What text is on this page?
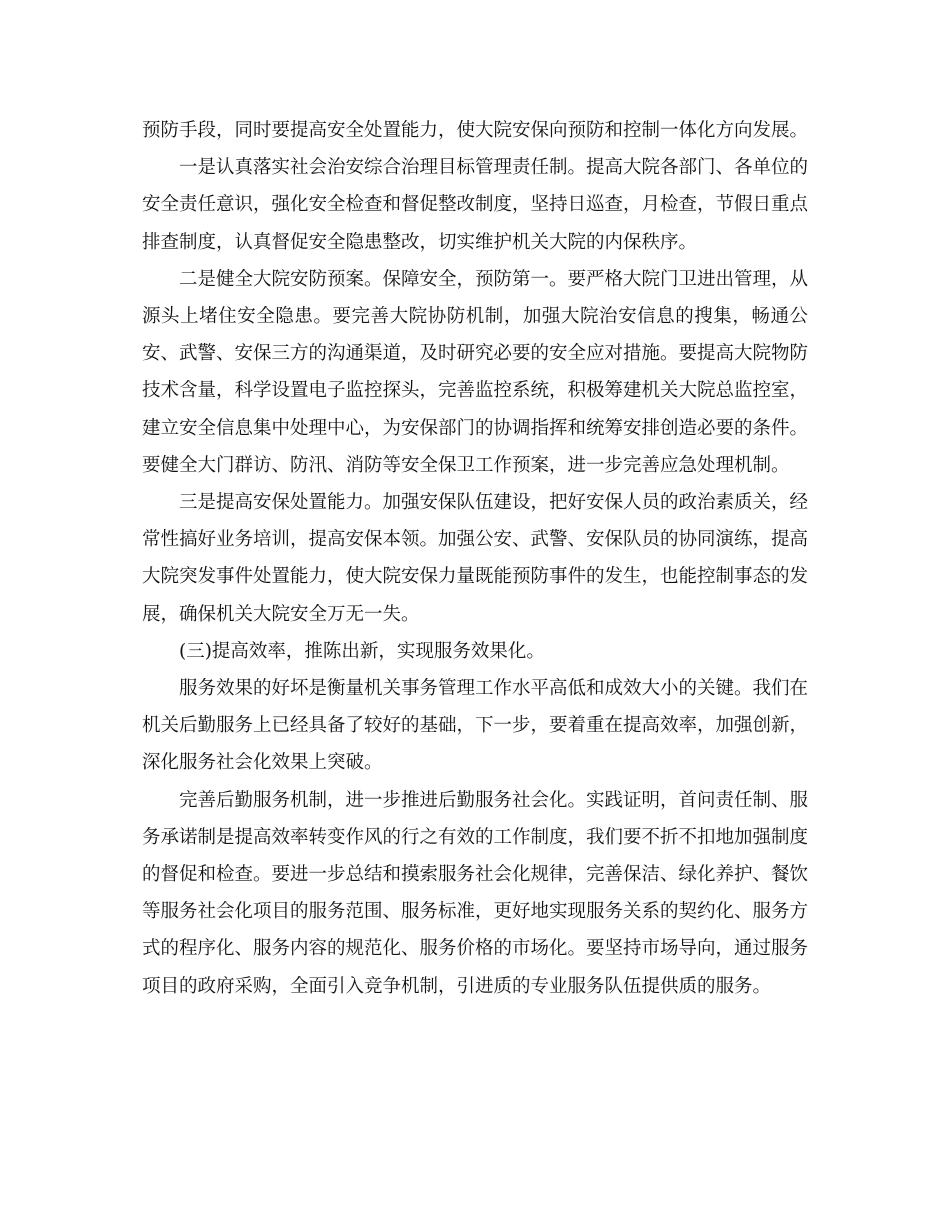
预防手段，同时要提高安全处置能力，使大院安保向预防和控制一体化方向发展。

一是认真落实社会治安综合治理目标管理责任制。提高大院各部门、各单位的安全责任意识，强化安全检查和督促整改制度，坚持日巡查，月检查，节假日重点排查制度，认真督促安全隐患整改，切实维护机关大院的内保秩序。

二是健全大院安防预案。保障安全，预防第一。要严格大院门卫进出管理，从源头上堵住安全隐患。要完善大院协防机制，加强大院治安信息的搜集，畅通公安、武警、安保三方的沟通渠道，及时研究必要的安全应对措施。要提高大院物防技术含量，科学设置电子监控探头，完善监控系统，积极筹建机关大院总监控室，建立安全信息集中处理中心，为安保部门的协调指挥和统筹安排创造必要的条件。要健全大门群访、防汛、消防等安全保卫工作预案，进一步完善应急处理机制。

三是提高安保处置能力。加强安保队伍建设，把好安保人员的政治素质关，经常性搞好业务培训，提高安保本领。加强公安、武警、安保队员的协同演练，提高大院突发事件处置能力，使大院安保力量既能预防事件的发生，也能控制事态的发展，确保机关大院安全万无一失。

(三)提高效率，推陈出新，实现服务效果化。

服务效果的好坏是衡量机关事务管理工作水平高低和成效大小的关键。我们在机关后勤服务上已经具备了较好的基础，下一步，要着重在提高效率，加强创新，深化服务社会化效果上突破。

完善后勤服务机制，进一步推进后勤服务社会化。实践证明，首问责任制、服务承诺制是提高效率转变作风的行之有效的工作制度，我们要不折不扣地加强制度的督促和检查。要进一步总结和摸索服务社会化规律，完善保洁、绿化养护、餐饮等服务社会化项目的服务范围、服务标准，更好地实现服务关系的契约化、服务方式的程序化、服务内容的规范化、服务价格的市场化。要坚持市场导向，通过服务项目的政府采购，全面引入竞争机制，引进质的专业服务队伍提供质的服务。
